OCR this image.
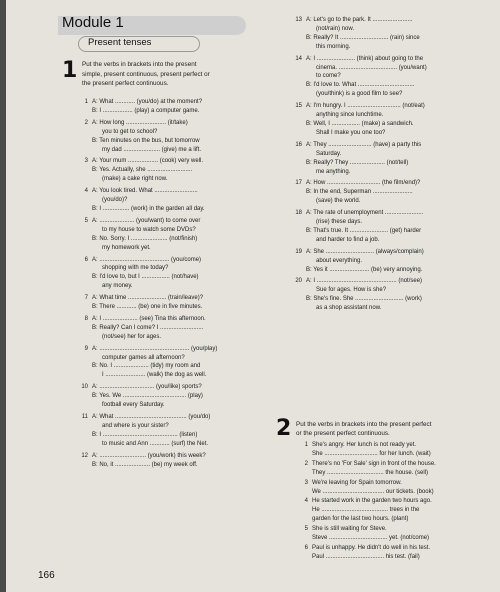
Module 1
Present tenses
1 Put the verbs in brackets into the present
simple, present continuous, present perfect or
the present perfect continuous.
1 A: What ............ (you/do) at the moment?
B: I .................. (play) a computer game.
2 A: How long ........................ (it/take)
you to get to school?
B: Ten minutes on the bus, but tomorrow
my dad ...................... (give) me a lift.
3 A: Your mum .................. (cook) very well.
B: Yes. Actually, she ...........................
(make) a cake right now.
4 A: You look tired. What ..........................
(you/do)?
B: I ................ (work) in the garden all day.
5 A: ..................... (you/want) to come over
to my house to watch some DVDs?
B: No. Sorry. I ...................... (not/finish)
my homework yet.
6 A: .......................................... (you/come)
shopping with me today?
B: I'd love to, but I ................. (not/have)
any money.
7 A: What time ....................... (train/leave)?
B: There ............ (be) one in five minutes.
8 A: I ..................... (see) Tina this afternoon.
B: Really? Can I come? I ..........................
(not/see) her for ages.
9 A: ...................................................... (you/play)
computer games all afternoon?
B: No. I ..................... (tidy) my room and
I ........................ (walk) the dog as well.
10 A: ................................. (you/like) sports?
B: Yes. We ...................................... (play)
football every Saturday.
11 A: What ........................................... (you/do)
and where is your sister?
B: I ............................................. (listen)
to music and Ann ............ (surf) the Net.
12 A: ............................ (you/work) this week?
B: No, it ..................... (be) my week off.
13 A: Let's go to the park. It ........................
(not/rain) now.
B: Really? It ............................. (rain) since
this morning.
14 A: I ....................... (think) about going to the
cinema. ................................... (you/want)
to come?
B: I'd love to. What ..................................
(you/think) is a good film to see?
15 A: I'm hungry. I ................................ (not/eat)
anything since lunchtime.
B: Well, I ................. (make) a sandwich.
Shall I make you one too?
16 A: They .......................... (have) a party this
Saturday.
B: Really? They ..................... (not/tell)
me anything.
17 A: How ................................ (the film/end)?
B: In the end, Superman ........................
(save) the world.
18 A: The rate of unemployment .......................
(rise) these days.
B: That's true. It ....................... (get) harder
and harder to find a job.
19 A: She ............................. (always/complain)
about everything.
B: Yes it ........................ (be) very annoying.
20 A: I ................................................ (not/see)
Sue for ages. How is she?
B: She's fine. She ............................. (work)
as a shop assistant now.
2 Put the verbs in brackets into the present perfect
or the present perfect continuous.
1 She's angry. Her lunch is not ready yet.
She ................................ for her lunch. (wait)
2 There's no 'For Sale' sign in front of the house.
They .................................. the house. (sell)
3 We're leaving for Spain tomorrow.
We ..................................... our tickets. (book)
4 He started work in the garden two hours ago.
He ........................................ trees in the
garden for the last two hours. (plant)
5 She is still waiting for Steve.
Steve ................................... yet. (not/come)
6 Paul is unhappy. He didn't do well in his test.
Paul ................................... his test. (fail)
166
